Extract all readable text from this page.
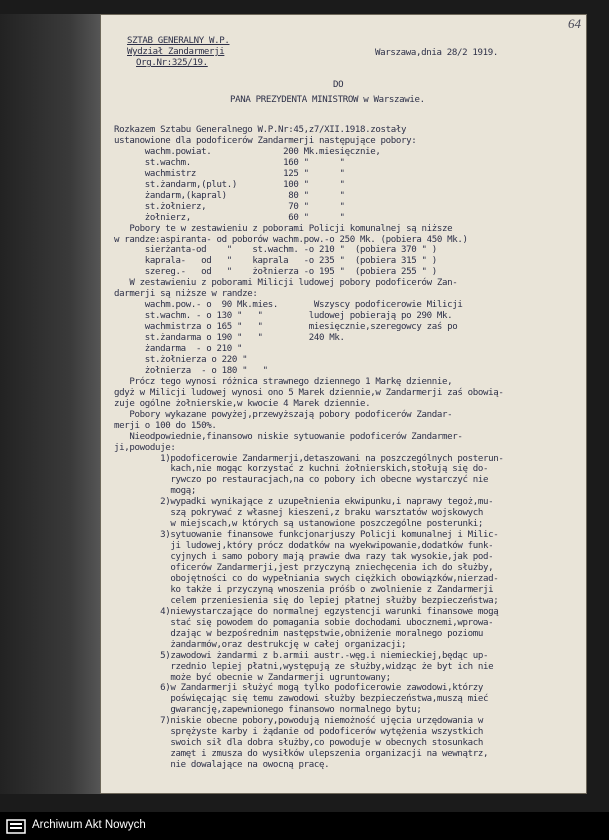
64
SZTAB GENERALNY W.P.
Wydział Zandarmerji
Org.Nr:325/19.
Warszawa,dnia 28/2 1919.
DO
PANA PREZYDENTA MINISTROW w Warszawie.
Rozkazem Sztabu Generalnego W.P.Nr:45,z7/XII.1918.zostały
ustanowione dla podoficerów Zandarmerji następujące pobory:
wachm.powiat.              200 Mk.miesięcznie,
st.wachm.                  160 "      "
wachmistrz                 125 "      "
st.żandarm,(plut.)         100 "      "
żandarm,(kapral)            80 "      "
st.żołnierz,                70 "      "
żołnierz,                   60 "      "
Pobory te w zestawieniu z poborami Policji komunalnej są niższe
w randze:aspiranta- od poborów wachm.pow.-o 250 Mk. (pobiera 450 Mk.)
sierżanta-od    "    st.wachm. -o 210 "  (pobiera 370 " )
kaprala-   od   "    kaprala   -o 235 "  (pobiera 315 " )
szereg.-   od   "    żołnierza -o 195 "  (pobiera 255 " )
W zestawieniu z poborami Milicji ludowej pobory podoficerów Zan-
darmerji są niższe w randze:
wachm.pow.- o  90 Mk.mies.       Wszyscy podoficerowie Milicji
st.wachm. - o 130 "   "         ludowej pobierają po 290 Mk.
wachmistrza o 165 "   "         miesięcznie,szeregowcy zaś po
st.żandarma o 190 "   "         240 Mk.
żandarma  - o 210 "
st.żołnierza o 220 "
żołnierza  - o 180 "   "
Prócz tego wynosi różnica strawnego dziennego 1 Markę dziennie,
gdyż w Milicji ludowej wynosi ono 5 Marek dziennie,w Zandarmerji zaś obowią-
zuje ogólne żołnierskie,w kwocie 4 Marek dziennie.
Pobory wykazane powyżej,przewyższają pobory podoficerów Zandar-
merji o 100 do 150%.
Nieodpowiednie,finansowo niskie sytuowanie podoficerów Zandarmer-
ji,powoduje:
1)podoficerowie Zandarmerji,detaszowani na poszczególnych posterun-
kach,nie mogąc korzystać z kuchni żołnierskich,stołują się do-
rywczo po restauracjach,na co pobory ich obecne wystarczyć nie
mogą;
2)wypadki wynikające z uzupełnienia ekwipunku,i naprawy tegoż,mu-
szą pokrywać z własnej kieszeni,z braku warsztatów wojskowych
w miejscach,w których są ustanowione poszczególne posterunki;
3)sytuowanie finansowe funkcjonarjuszy Policji komunalnej i Milic-
ji ludowej,który prócz dodatków na wyekwipowanie,dodatków funk-
cyjnych i samo pobory mają prawie dwa razy tak wysokie,jak pod-
oficerów Zandarmerji,jest przyczyną zniechęcenia ich do służby,
obojętności co do wypełniania swych ciężkich obowiązków,nierzad-
ko także i przyczyną wnoszenia próśb o zwolnienie z Zandarmerji
celem przeniesienia się do lepiej płatnej służby bezpieczeństwa;
4)niewystarczające do normalnej egzystencji warunki finansowe mogą
stać się powodem do pomagania sobie dochodami ubocznemi,wprowa-
dzając w bezpośrednim następstwie,obniżenie moralnego poziomu
żandarmów,oraz destrukcję w całej organizacji;
5)zawodowi żandarmi z b.armii austr.-węg.i niemieckiej,będąc up-
rzednio lepiej płatni,występują ze służby,widząc że byt ich nie
może być obecnie w Zandarmerji ugruntowany;
6)w Zandarmerji służyć mogą tylko podoficerowie zawodowi,którzy
poświęcając się temu zawodowi służby bezpieczeństwa,muszą mieć
gwarancję,zapewnionego finansowo normalnego bytu;
7)niskie obecne pobory,powodują niemożność ujęcia urzędowania w
sprężyste karby i żądanie od podoficerów wytężenia wszystkich
swoich sił dla dobra służby,co powoduje w obecnych stosunkach
zamęt i zmusza do wysiłków ulepszenia organizacji na wewnątrz,
nie dowalające na owocną pracę.
Archiwum Akt Nowych
